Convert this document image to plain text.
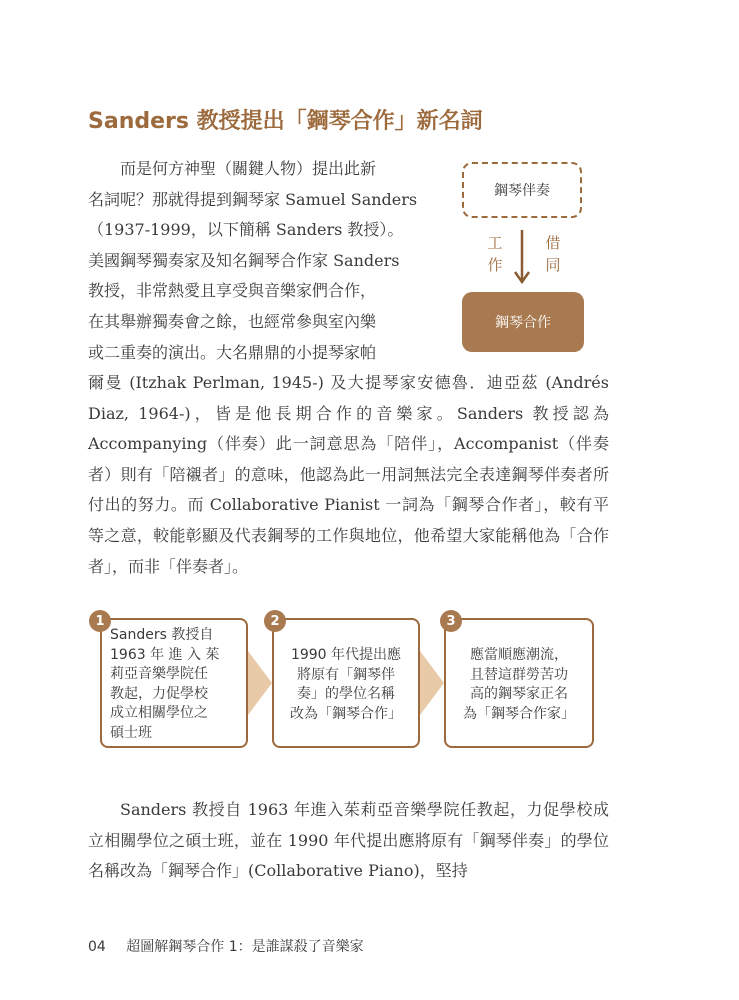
Sanders 教授提出「鋼琴合作」新名詞
而是何方神聖（關鍵人物）提出此新
名詞呢？那就得提到鋼琴家 Samuel Sanders
（1937-1999，以下簡稱 Sanders 教授）。
美國鋼琴獨奏家及知名鋼琴合作家 Sanders
教授，非常熱愛且享受與音樂家們合作，
在其舉辦獨奏會之餘，也經常參與室內樂
或二重奏的演出。大名鼎鼎的小提琴家帕

爾曼 (Itzhak Perlman, 1945-) 及大提琴家安德魯．迪亞茲 (Andrés Diaz, 1964-)，皆是他長期合作的音樂家。Sanders 教授認為 Accompanying（伴奏）此一詞意思為「陪伴」，Accompanist（伴奏者）則有「陪襯者」的意味，他認為此一用詞無法完全表達鋼琴伴奏者所付出的努力。而 Collaborative Pianist 一詞為「鋼琴合作者」，較有平等之意，較能彰顯及代表鋼琴的工作與地位，他希望大家能稱他為「合作者」，而非「伴奏者」。

鋼琴伴奏
工作
借同
鋼琴合作
Sanders 教授自
1963 年 進 入 茱
莉亞音樂學院任
教起，力促學校
成立相關學位之
碩士班
1
1990 年代提出應
將原有「鋼琴伴
奏」的學位名稱
改為「鋼琴合作」
2
應當順應潮流，
且替這群勞苦功
高的鋼琴家正名
為「鋼琴合作家」
3

Sanders 教授自 1963 年進入茱莉亞音樂學院任教起，力促學校成立相關學位之碩士班，並在 1990 年代提出應將原有「鋼琴伴奏」的學位名稱改為「鋼琴合作」(Collaborative Piano)，堅持

04 超圖解鋼琴合作 1：是誰謀殺了音樂家
